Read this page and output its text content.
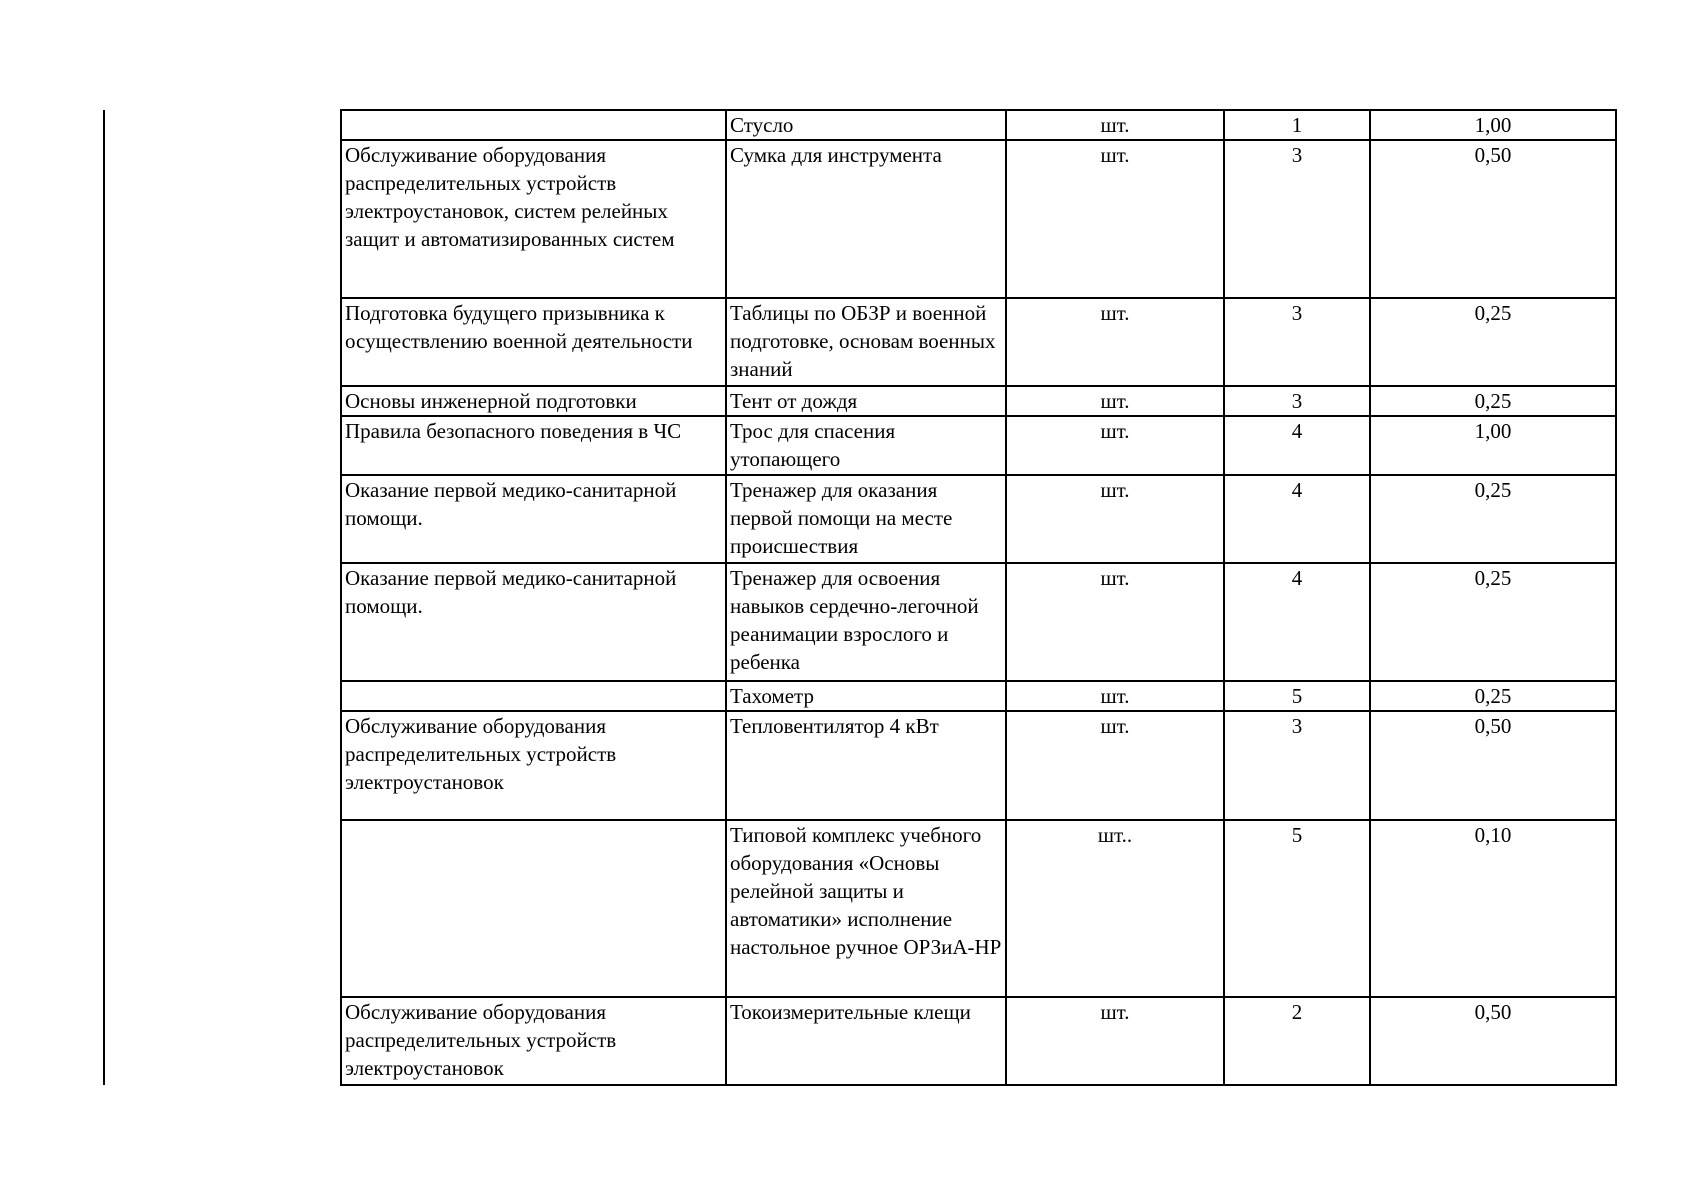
	Стусло	шт.	1	1,00
Обслуживание оборудования распределительных устройств электроустановок, систем релейных защит и автоматизированных систем	Сумка для инструмента	шт.	3	0,50
Подготовка будущего призывника к осуществлению военной деятельности	Таблицы по ОБЗР и военной подготовке, основам военных знаний	шт.	3	0,25
Основы инженерной подготовки	Тент от дождя	шт.	3	0,25
Правила безопасного поведения в ЧС	Трос для спасения утопающего	шт.	4	1,00
Оказание первой медико-санитарной помощи.	Тренажер для оказания первой помощи на месте происшествия	шт.	4	0,25
Оказание первой медико-санитарной помощи.	Тренажер для освоения навыков сердечно-легочной реанимации взрослого и ребенка	шт.	4	0,25
	Тахометр	шт.	5	0,25
Обслуживание оборудования распределительных устройств электроустановок	Тепловентилятор 4 кВт	шт.	3	0,50
	Типовой комплекс учебного оборудования «Основы релейной защиты и автоматики» исполнение настольное ручное ОРЗиА-НР	шт..	5	0,10
Обслуживание оборудования распределительных устройств электроустановок	Токоизмерительные клещи	шт.	2	0,50
